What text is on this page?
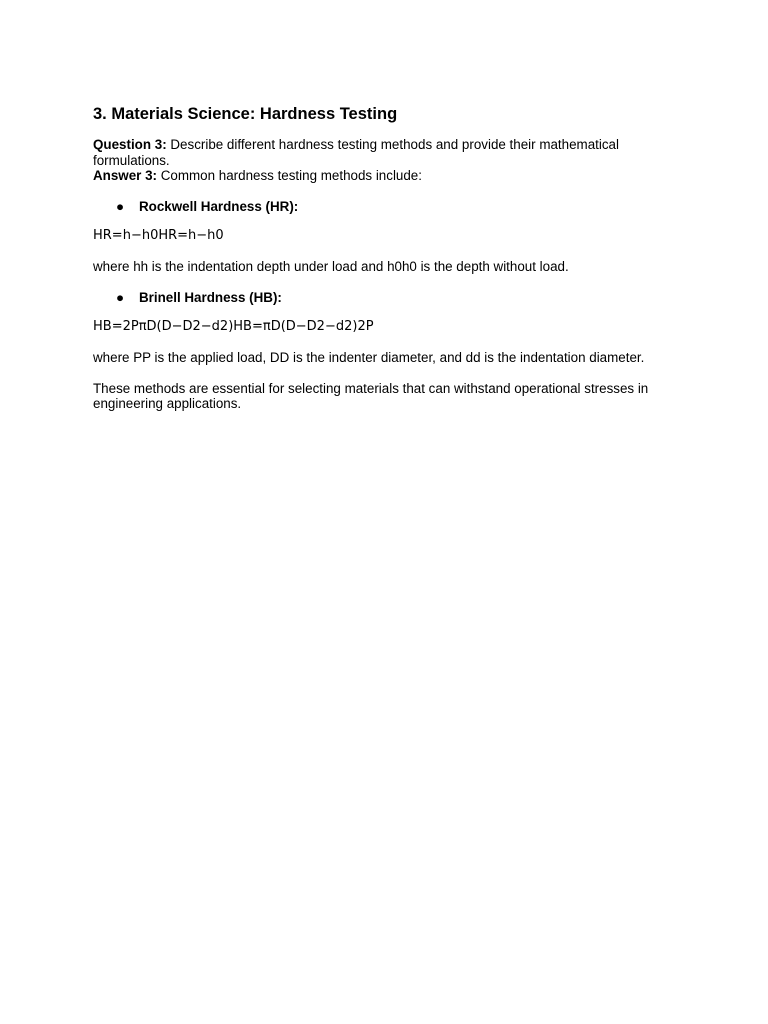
3. Materials Science: Hardness Testing
Question 3: Describe different hardness testing methods and provide their mathematical formulations.
Answer 3: Common hardness testing methods include:
● Rockwell Hardness (HR):
HR=h−h0HR=h−h0
where hh is the indentation depth under load and h0h0 is the depth without load.
● Brinell Hardness (HB):
HB=2PπD(D−D2−d2)HB=πD(D−D2−d2)2P
where PP is the applied load, DD is the indenter diameter, and dd is the indentation diameter.
These methods are essential for selecting materials that can withstand operational stresses in engineering applications.
